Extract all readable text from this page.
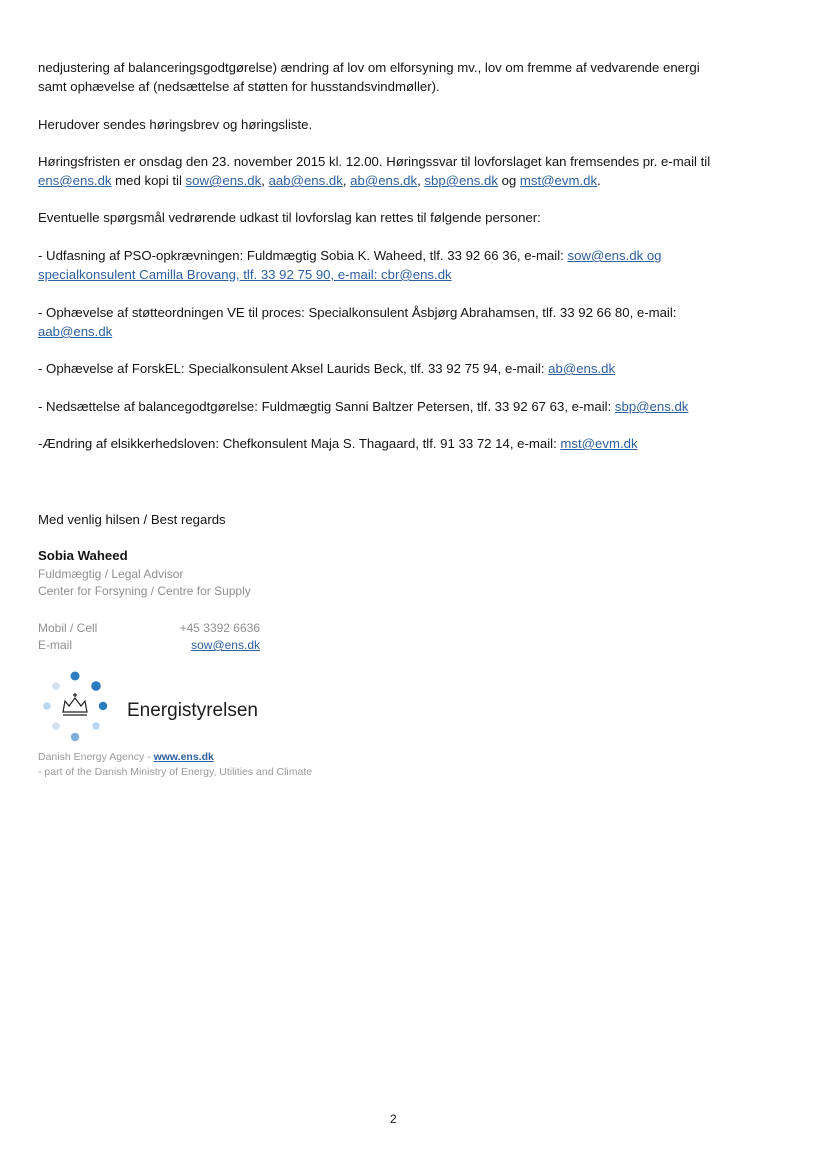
nedjustering af balanceringsgodtgørelse) ændring af lov om elforsyning mv., lov om fremme af vedvarende energi
samt ophævelse af (nedsættelse af støtten for husstandsvindmøller).

Herudover sendes høringsbrev og høringsliste.

Høringsfristen er onsdag den 23. november 2015 kl. 12.00. Høringssvar til lovforslaget kan fremsendes pr. e-mail til
ens@ens.dk med kopi til sow@ens.dk, aab@ens.dk, ab@ens.dk, sbp@ens.dk og mst@evm.dk.

Eventuelle spørgsmål vedrørende udkast til lovforslag kan rettes til følgende personer:

- Udfasning af PSO-opkrævningen: Fuldmægtig Sobia K. Waheed, tlf. 33 92 66 36, e-mail: sow@ens.dk og
specialkonsulent Camilla Brovang, tlf. 33 92 75 90, e-mail: cbr@ens.dk

- Ophævelse af støtteordningen VE til proces: Specialkonsulent Åsbjørg Abrahamsen, tlf. 33 92 66 80, e-mail:
aab@ens.dk

- Ophævelse af ForskEL: Specialkonsulent Aksel Laurids Beck, tlf. 33 92 75 94, e-mail: ab@ens.dk

- Nedsættelse af balancegodtgørelse: Fuldmægtig Sanni Baltzer Petersen, tlf. 33 92 67 63, e-mail: sbp@ens.dk

-Ændring af elsikkerhedsloven: Chefkonsulent Maja S. Thagaard, tlf. 91 33 72 14, e-mail: mst@evm.dk

Med venlig hilsen / Best regards

Sobia Waheed

Fuldmægtig / Legal Advisor

Center for Forsyning / Centre for Supply

Mobil / Cell	+45 3392 6636
E-mail	sow@ens.dk
Energistyrelsen

Danish Energy Agency - www.ens.dk
- part of the Danish Ministry of Energy, Utilities and Climate

2
